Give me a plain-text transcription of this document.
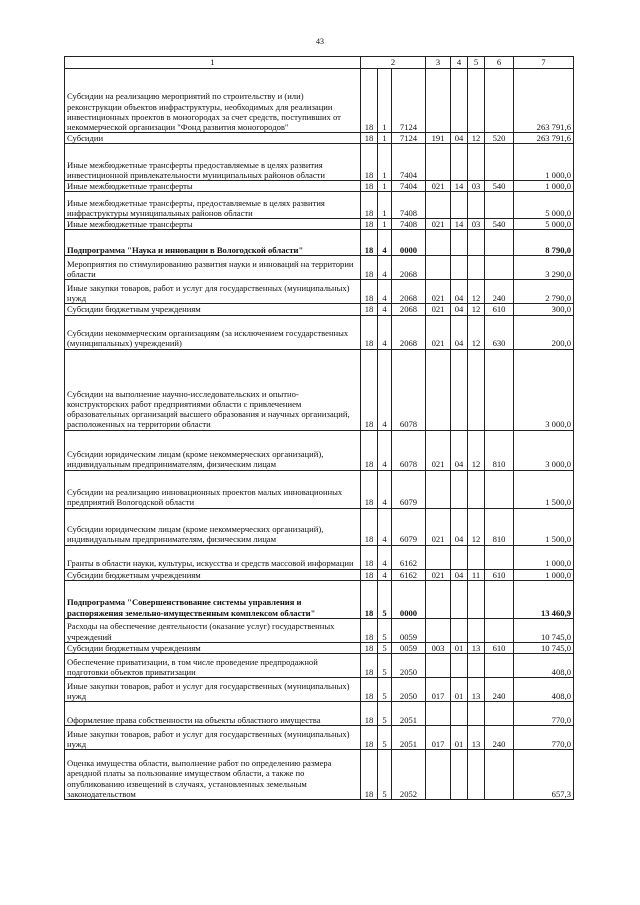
43
1	2			3	4	5	6	7
Субсидии на реализацию мероприятий по строительству и (или) реконструкции объектов инфраструктуры, необходимых для реализации инвестиционных проектов в моногородах за счет средств, поступивших от некоммерческой организации "Фонд развития моногородов"	18	1	7124					263 791,6
Субсидии	18	1	7124	191	04	12	520	263 791,6
Иные межбюджетные трансферты предоставляемые в целях развития инвестиционной привлекательности муниципальных районов области	18	1	7404					1 000,0
Иные межбюджетные трансферты	18	1	7404	021	14	03	540	1 000,0
Иные межбюджетные трансферты, предоставляемые в целях развития инфраструктуры муниципальных районов области	18	1	7408					5 000,0
Иные межбюджетные трансферты	18	1	7408	021	14	03	540	5 000,0
Подпрограмма "Наука и инновации в Вологодской области"	18	4	0000					8 790,0
Мероприятия по стимулированию развития науки и инноваций на территории области	18	4	2068					3 290,0
Иные закупки товаров, работ и услуг для государственных (муниципальных) нужд	18	4	2068	021	04	12	240	2 790,0
Субсидии бюджетным учреждениям	18	4	2068	021	04	12	610	300,0
Субсидии некоммерческим организациям (за исключением государственных (муниципальных) учреждений)	18	4	2068	021	04	12	630	200,0
Субсидии на выполнение научно-исследовательских и опытно-конструкторских работ предприятиями области с привлечением образовательных организаций высшего образования и научных организаций, расположенных на территории области	18	4	6078					3 000,0
Субсидии юридическим лицам (кроме некоммерческих организаций), индивидуальным предпринимателям, физическим лицам	18	4	6078	021	04	12	810	3 000,0
Субсидии на реализацию инновационных проектов малых инновационных предприятий Вологодской области	18	4	6079					1 500,0
Субсидии юридическим лицам (кроме некоммерческих организаций), индивидуальным предпринимателям, физическим лицам	18	4	6079	021	04	12	810	1 500,0
Гранты в области науки, культуры, искусства и средств массовой информации	18	4	6162					1 000,0
Субсидии бюджетным учреждениям	18	4	6162	021	04	11	610	1 000,0
Подпрограмма "Совершенствование системы управления и распоряжения земельно-имущественным комплексом области"	18	5	0000					13 460,9
Расходы на обеспечение деятельности (оказание услуг) государственных учреждений	18	5	0059					10 745,0
Субсидии бюджетным учреждениям	18	5	0059	003	01	13	610	10 745,0
Обеспечение приватизации, в том числе проведение предпродажной подготовки объектов приватизации	18	5	2050					408,0
Иные закупки товаров, работ и услуг для государственных (муниципальных) нужд	18	5	2050	017	01	13	240	408,0
Оформление права собственности на объекты областного имущества	18	5	2051					770,0
Иные закупки товаров, работ и услуг для государственных (муниципальных) нужд	18	5	2051	017	01	13	240	770,0
Оценка имущества области, выполнение работ по определению размера арендной платы за пользование имуществом области, а также по опубликованию извещений в случаях, установленных земельным законодательством	18	5	2052					657,3
